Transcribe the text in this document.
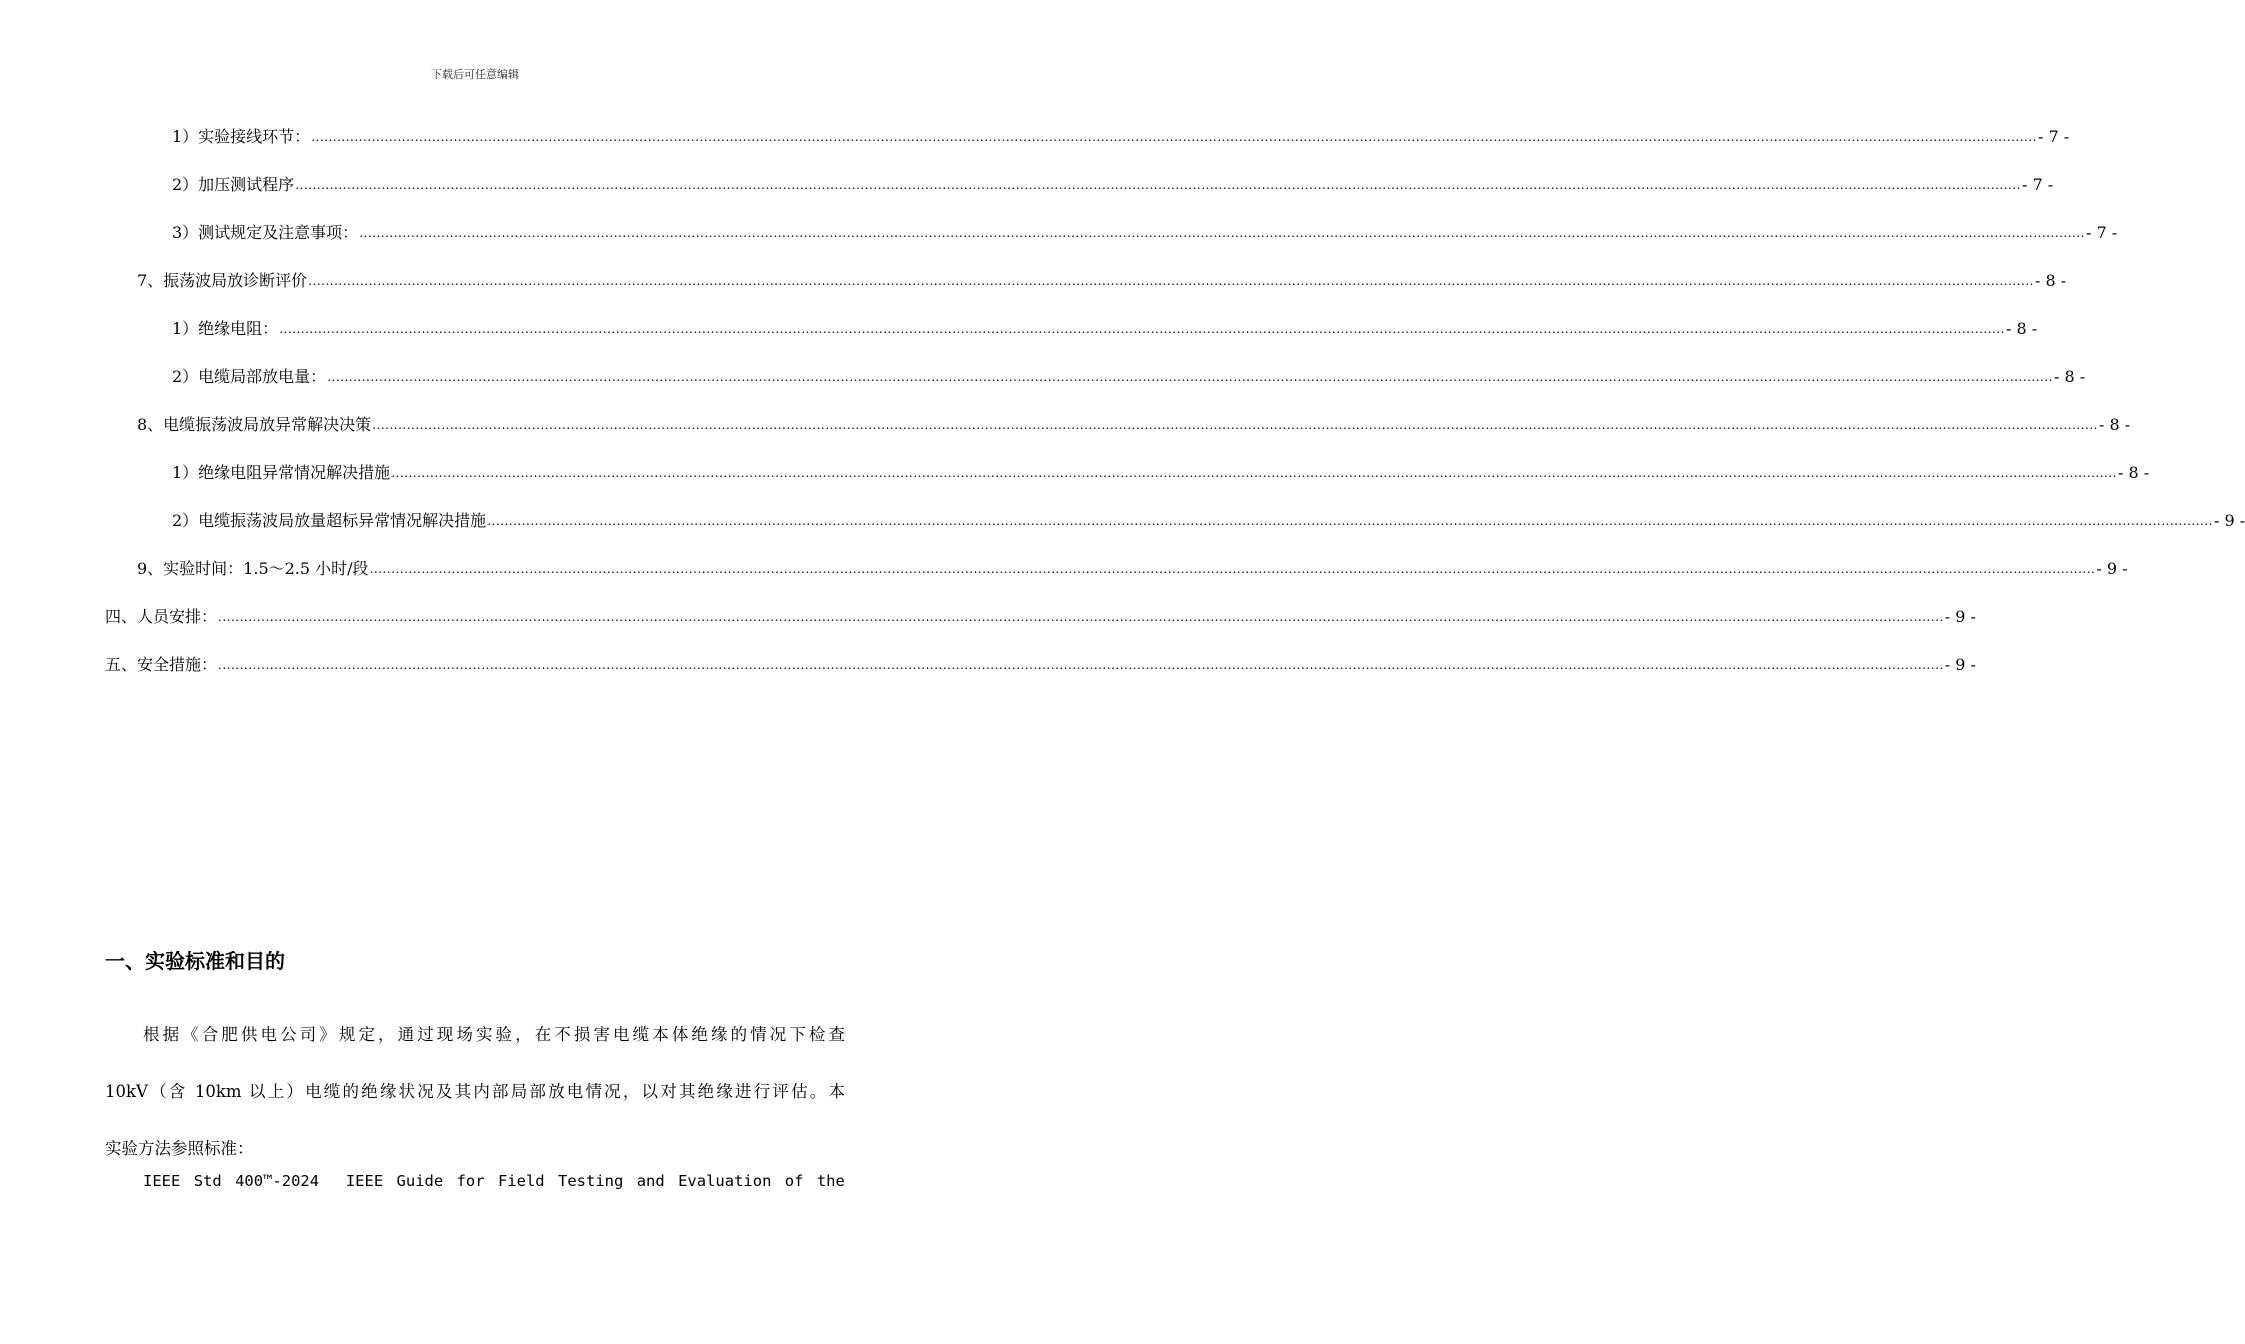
下载后可任意编辑
1）实验接线环节： ................................................................................................................................................................................................................................................................................................................................................................................................................ - 7 -
2）加压测试程序 ................................................................................................................................................................................................................................................................................................................................................................................................................ - 7 -
3）测试规定及注意事项： ................................................................................................................................................................................................................................................................................................................................................................................................................ - 7 -
7、振荡波局放诊断评价 ................................................................................................................................................................................................................................................................................................................................................................................................................ - 8 -
1）绝缘电阻： ................................................................................................................................................................................................................................................................................................................................................................................................................ - 8 -
2）电缆局部放电量： ................................................................................................................................................................................................................................................................................................................................................................................................................ - 8 -
8、电缆振荡波局放异常解决决策 ................................................................................................................................................................................................................................................................................................................................................................................................................ - 8 -
1）绝缘电阻异常情况解决措施 ................................................................................................................................................................................................................................................................................................................................................................................................................ - 8 -
2）电缆振荡波局放量超标异常情况解决措施 ................................................................................................................................................................................................................................................................................................................................................................................................................ - 9 -
9、实验时间：1.5～2.5 小时/段 ................................................................................................................................................................................................................................................................................................................................................................................................................ - 9 -
四、人员安排： ................................................................................................................................................................................................................................................................................................................................................................................................................ - 9 -
五、安全措施： ................................................................................................................................................................................................................................................................................................................................................................................................................ - 9 -
一、实验标准和目的
根据《合肥供电公司》规定，通过现场实验，在不损害电缆本体绝缘的情况下检查
10kV（含 10km 以上）电缆的绝缘状况及其内部局部放电情况，以对其绝缘进行评估。本
实验方法参照标准：
IEEE Std 400™-2024 IEEE Guide for Field Testing and Evaluation of the
